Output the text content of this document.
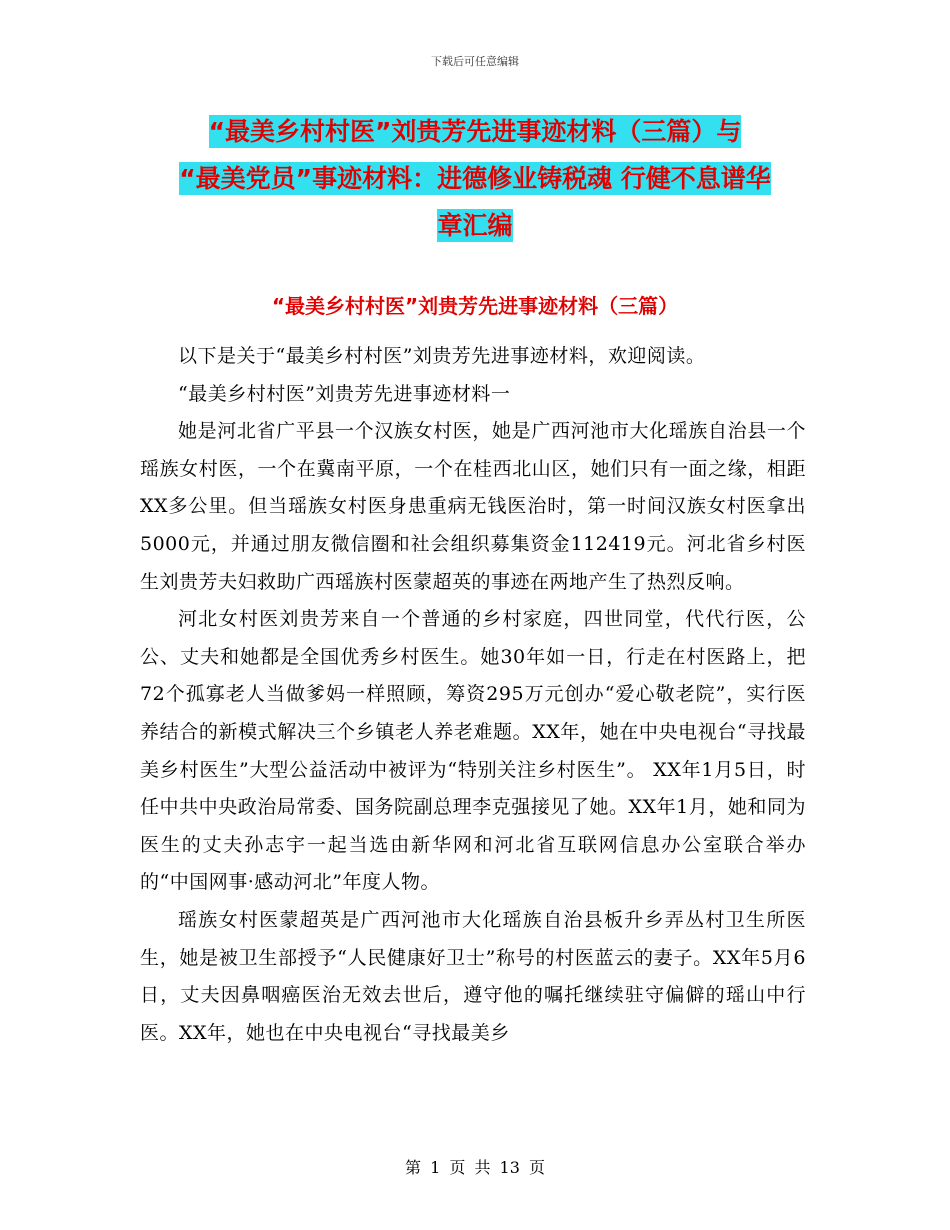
下载后可任意编辑
“最美乡村村医”刘贵芳先进事迹材料（三篇）与
“最美党员”事迹材料：进德修业铸税魂 行健不息谱华
章汇编
“最美乡村村医”刘贵芳先进事迹材料（三篇）

以下是关于“最美乡村村医”刘贵芳先进事迹材料，欢迎阅读。

“最美乡村村医”刘贵芳先进事迹材料一

她是河北省广平县一个汉族女村医，她是广西河池市大化瑶族自治县一个瑶族女村医，一个在冀南平原，一个在桂西北山区，她们只有一面之缘，相距 XX多公里。但当瑶族女村医身患重病无钱医治时，第一时间汉族女村医拿出5000元，并通过朋友微信圈和社会组织募集资金112419元。河北省乡村医生刘贵芳夫妇救助广西瑶族村医蒙超英的事迹在两地产生了热烈反响。

河北女村医刘贵芳来自一个普通的乡村家庭，四世同堂，代代行医，公公、丈夫和她都是全国优秀乡村医生。她30年如一日，行走在村医路上，把72个孤寡老人当做爹妈一样照顾，筹资295万元创办“爱心敬老院”，实行医养结合的新模式解决三个乡镇老人养老难题。XX年，她在中央电视台“寻找最美乡村医生”大型公益活动中被评为“特别关注乡村医生”。 XX年1月5日，时任中共中央政治局常委、国务院副总理李克强接见了她。XX年1月，她和同为医生的丈夫孙志宇一起当选由新华网和河北省互联网信息办公室联合举办的“中国网事·感动河北”年度人物。

瑶族女村医蒙超英是广西河池市大化瑶族自治县板升乡弄丛村卫生所医生，她是被卫生部授予“人民健康好卫士”称号的村医蓝云的妻子。XX年5月6日，丈夫因鼻咽癌医治无效去世后，遵守他的嘱托继续驻守偏僻的瑶山中行医。XX年，她也在中央电视台“寻找最美乡

第 1 页 共 13 页
